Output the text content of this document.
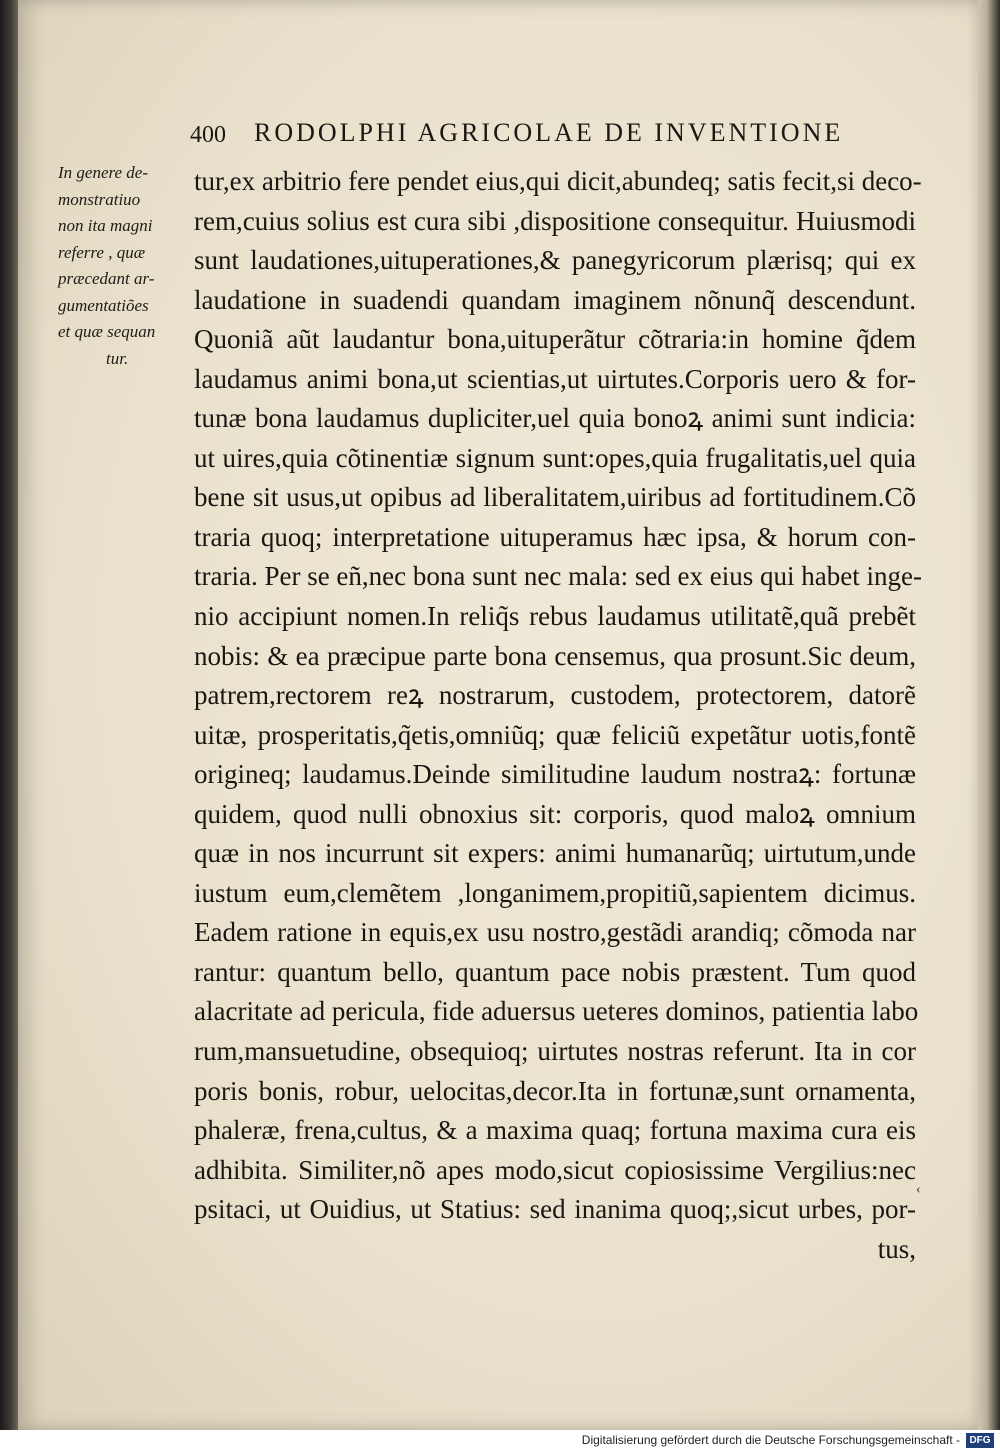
400 RODOLPHI AGRICOLAE DE INVENTIONE
In genere de-
monstratiuo
non ita magni
referre , quæ
præcedant ar-
gumentatiões
et quæ sequan
tur.
tur,ex arbitrio fere pendet eius,qui dicit,abundeq; satis fecit,si deco-
rem,cuius solius est cura sibi ,dispositione consequitur. Huiusmodi
sunt laudationes,uituperationes,& panegyricorum plærisq; qui ex
laudatione in suadendi quandam imaginem nõnunq̃ descendunt.
Quoniã aũt laudantur bona,uituperãtur cõtraria:in homine q̃dem
laudamus animi bona,ut scientias,ut uirtutes.Corporis uero & for-
tunæ bona laudamus dupliciter,uel quia bonoꝝ animi sunt indicia:
ut uires,quia cõtinentiæ signum sunt:opes,quia frugalitatis,uel quia
bene sit usus,ut opibus ad liberalitatem,uiribus ad fortitudinem.Cõ
traria quoq; interpretatione uituperamus hæc ipsa, & horum con-
traria. Per se eñ,nec bona sunt nec mala: sed ex eius qui habet inge-
nio accipiunt nomen.In reliq̃s rebus laudamus utilitatẽ,quã prebẽt
nobis: & ea præcipue parte bona censemus, qua prosunt.Sic deum,
patrem,rectorem reꝝ nostrarum, custodem, protectorem, datorẽ
uitæ, prosperitatis,q̃etis,omniũq; quæ feliciũ expetãtur uotis,fontẽ
origineq; laudamus.Deinde similitudine laudum nostraꝝ: fortunæ
quidem, quod nulli obnoxius sit: corporis, quod maloꝝ omnium
quæ in nos incurrunt sit expers: animi humanarũq; uirtutum,unde
iustum eum,clemẽtem ,longanimem,propitiũ,sapientem dicimus.
Eadem ratione in equis,ex usu nostro,gestãdi arandiq; cõmoda nar
rantur: quantum bello, quantum pace nobis præstent. Tum quod
alacritate ad pericula, fide aduersus ueteres dominos, patientia labo
rum,mansuetudine, obsequioq; uirtutes nostras referunt. Ita in cor
poris bonis, robur, uelocitas,decor.Ita in fortunæ,sunt ornamenta,
phaleræ, frena,cultus, & a maxima quaq; fortuna maxima cura eis
adhibita. Similiter,nõ apes modo,sicut copiosissime Vergilius:nec
psitaci, ut Ouidius, ut Statius: sed inanima quoq;,sicut urbes, por-
tus,
‹
Digitalisierung gefördert durch die Deutsche Forschungsgemeinschaft - DFG
